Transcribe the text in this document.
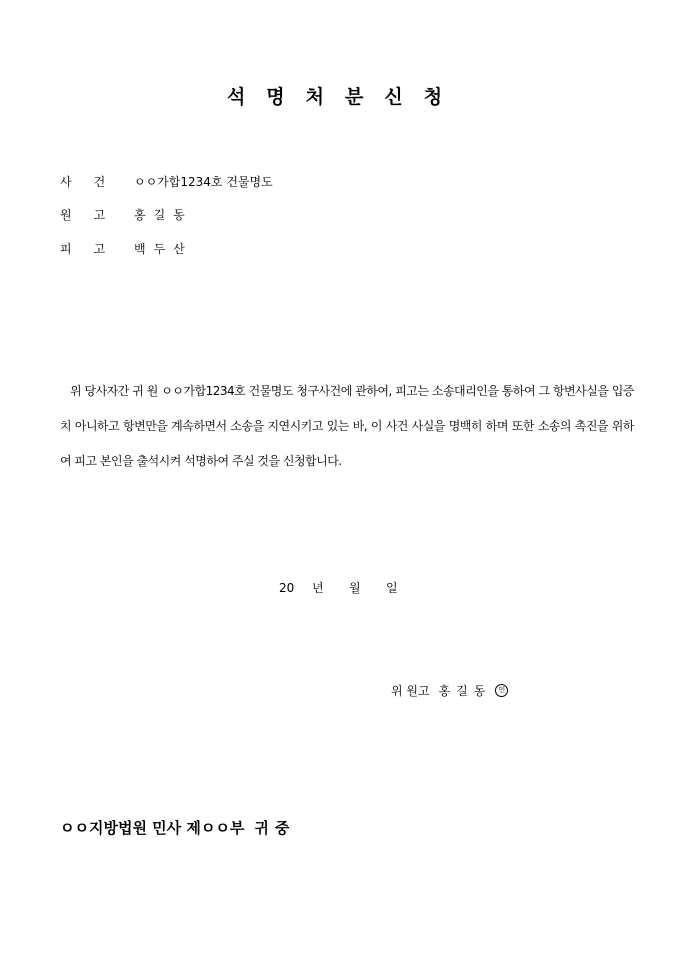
석명처분신청
사건 ㅇㅇ가합1234호 건물명도
원고 홍길동
피고 백두산
위 당사자간 귀 원 ㅇㅇ가합1234호 건물명도 청구사건에 관하여, 피고는 소송대리인을 통하여 그 항변사실을 입증치 아니하고 항변만을 계속하면서 소송을 지연시키고 있는 바, 이 사건 사실을 명백히 하며 또한 소송의 촉진을 위하여 피고 본인을 출석시켜 석명하여 주실 것을 신청합니다.
20 년 월 일
위 원고 홍길동 인
ㅇㅇ지방법원 민사 제ㅇㅇ부 귀중
